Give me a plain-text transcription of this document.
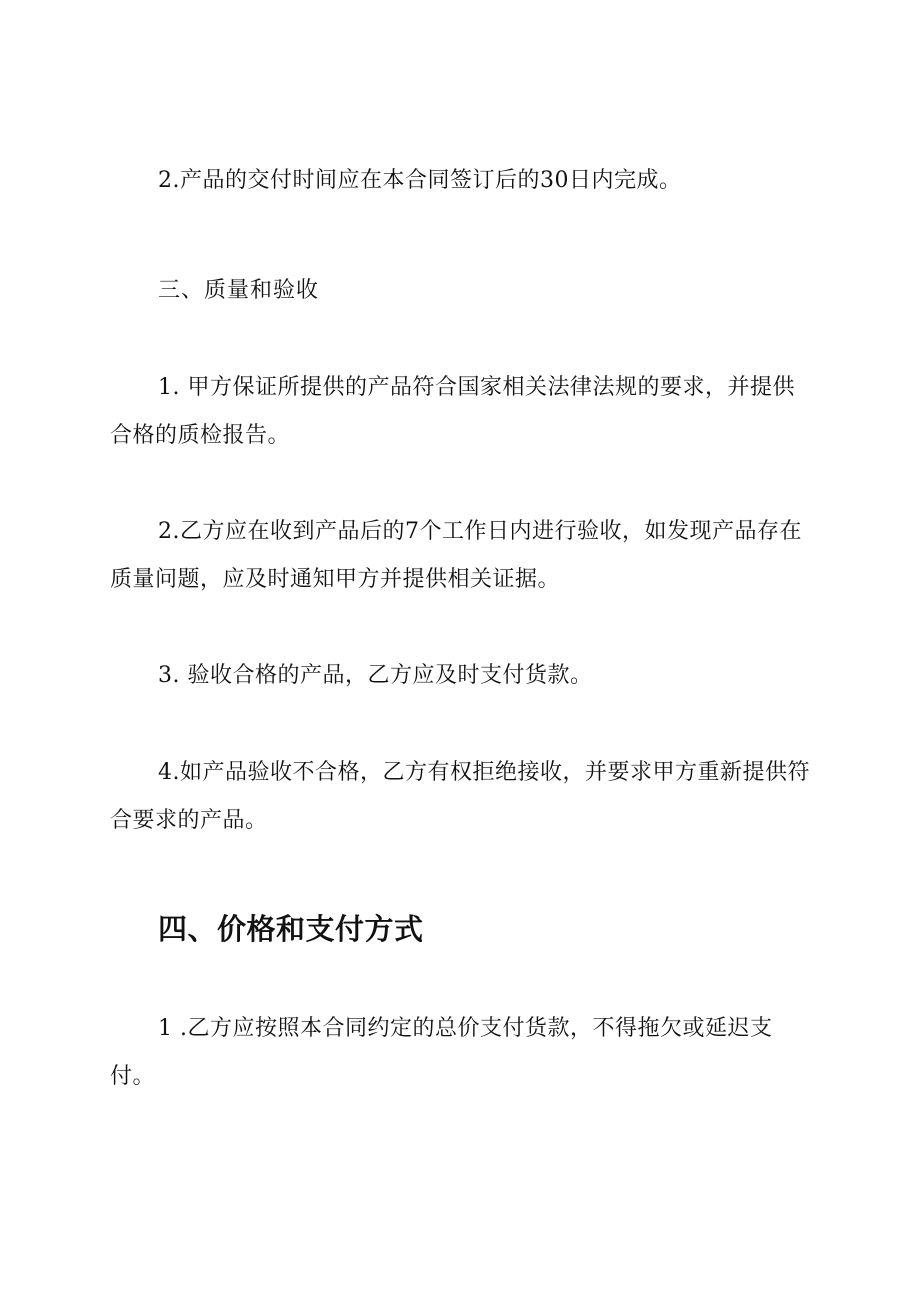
2.产品的交付时间应在本合同签订后的30日内完成。

三、质量和验收

1. 甲方保证所提供的产品符合国家相关法律法规的要求，并提供合格的质检报告。

2.乙方应在收到产品后的7个工作日内进行验收，如发现产品存在质量问题，应及时通知甲方并提供相关证据。

3. 验收合格的产品，乙方应及时支付货款。

4.如产品验收不合格，乙方有权拒绝接收，并要求甲方重新提供符合要求的产品。

四、价格和支付方式

1 .乙方应按照本合同约定的总价支付货款，不得拖欠或延迟支付。
